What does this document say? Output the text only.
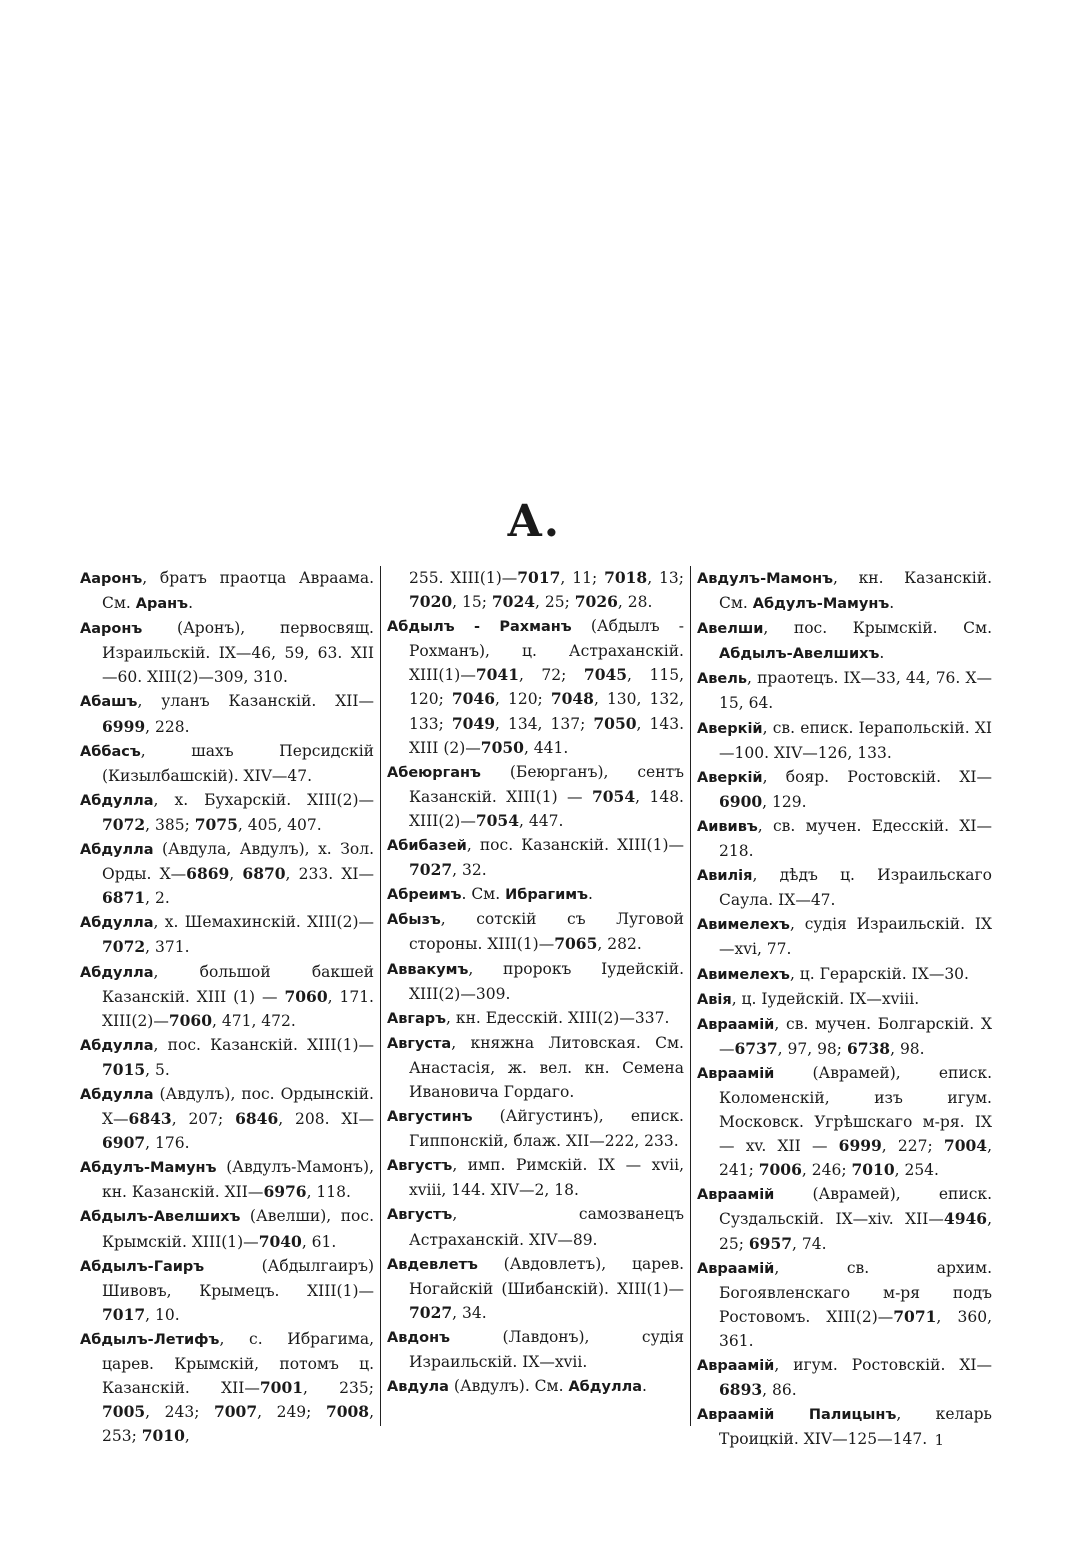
А.

Ааронъ, братъ праотца Авраама. См. Аранъ.

Ааронъ (Аронъ), первосвящ. Израильскій. IX—46, 59, 63. XII—60. XIII(2)—309, 310.

Абашъ, уланъ Казанскій. XII—6999, 228.

Аббасъ, шахъ Персидскій (Кизылбашскій). XIV—47.

Абдулла, х. Бухарскій. XIII(2)—7072, 385; 7075, 405, 407.

Абдулла (Авдула, Авдулъ), х. Зол. Орды. X—6869, 6870, 233. XI—6871, 2.

Абдулла, х. Шемахинскій. XIII(2)—7072, 371.

Абдулла, большой бакшей Казанскій. XIII (1) — 7060, 171. XIII(2)—7060, 471, 472.

Абдулла, пос. Казанскій. XIII(1)—7015, 5.

Абдулла (Авдулъ), пос. Ордынскій. X—6843, 207; 6846, 208. XI—6907, 176.

Абдулъ-Мамунъ (Авдулъ-Мамонъ), кн. Казанскій. XII—6976, 118.

Абдылъ-Авелшихъ (Авелши), пос. Крымскій. XIII(1)—7040, 61.

Абдылъ-Гаиръ (Абдылгаиръ) Шивовъ, Крымецъ. XIII(1)—7017, 10.

Абдылъ-Летифъ, с. Ибрагима, царев. Крымскій, потомъ ц. Казанскій. XII—7001, 235; 7005, 243; 7007, 249; 7008, 253; 7010,

255. XIII(1)—7017, 11; 7018, 13; 7020, 15; 7024, 25; 7026, 28.

Абдылъ - Рахманъ (Абдылъ - Рохманъ), ц. Астраханскій. XIII(1)—7041, 72; 7045, 115, 120; 7046, 120; 7048, 130, 132, 133; 7049, 134, 137; 7050, 143. XIII (2)—7050, 441.

Абеюрганъ (Беюрганъ), сентъ Казанскій. XIII(1) — 7054, 148. XIII(2)—7054, 447.

Абибазей, пос. Казанскій. XIII(1)—7027, 32.

Абреимъ. См. Ибрагимъ.

Абызъ, сотскій съ Луговой стороны. XIII(1)—7065, 282.

Аввакумъ, пророкъ Іудейскій. XIII(2)—309.

Авгаръ, кн. Едесскій. XIII(2)—337.

Августа, княжна Литовская. См. Анастасія, ж. вел. кн. Семена Ивановича Гордаго.

Августинъ (Айгустинъ), еписк. Гиппонскій, блаж. XII—222, 233.

Августъ, имп. Римскій. IX — xvii, xviii, 144. XIV—2, 18.

Августъ, самозванецъ Астраханскій. XIV—89.

Авдевлетъ (Авдовлетъ), царев. Ногайскій (Шибанскій). XIII(1)—7027, 34.

Авдонъ (Лавдонъ), судія Израильскій. IX—xvii.

Авдула (Авдулъ). См. Абдулла.

Авдулъ-Мамонъ, кн. Казанскій. См. Абдулъ-Мамунъ.

Авелши, пос. Крымскій. См. Абдылъ-Авелшихъ.

Авель, праотецъ. IX—33, 44, 76. X—15, 64.

Аверкій, св. еписк. Іерапольскій. XI—100. XIV—126, 133.

Аверкій, бояр. Ростовскій. XI—6900, 129.

Аививъ, св. мучен. Едесскій. XI—218.

Авилія, дѣдъ ц. Израильскаго Саула. IX—47.

Авимелехъ, судія Израильскій. IX—xvi, 77.

Авимелехъ, ц. Герарскій. IX—30.

Авія, ц. Іудейскій. IX—xviii.

Авраамій, св. мучен. Болгарскій. X—6737, 97, 98; 6738, 98.

Авраамій (Аврамей), еписк. Коломенскій, изъ игум. Московск. Угрѣшскаго м-ря. IX — xv. XII — 6999, 227; 7004, 241; 7006, 246; 7010, 254.

Авраамій (Аврамей), еписк. Суздальскій. IX—xiv. XII—4946, 25; 6957, 74.

Авраамій, св. архим. Богоявленскаго м-ря подъ Ростовомъ. XIII(2)—7071, 360, 361.

Авраамій, игум. Ростовскій. XI—6893, 86.

Авраамій Палицынъ, келарь Троицкій. XIV—125—147. 1
